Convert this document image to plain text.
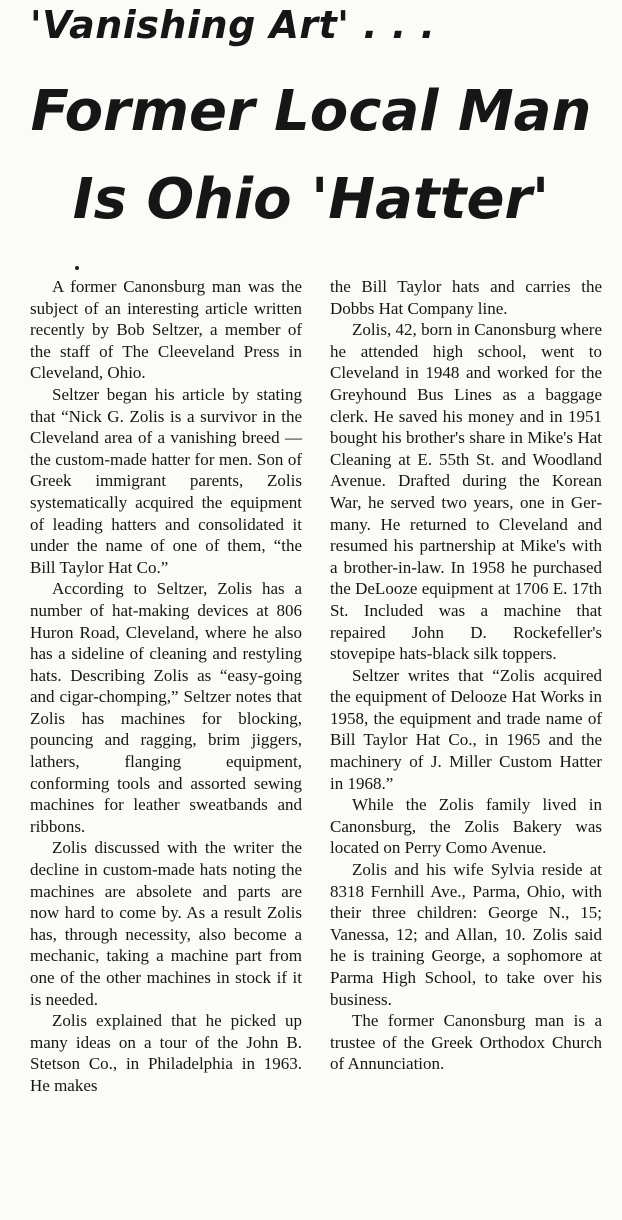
'Vanishing Art' . . .
Former Local Man
Is Ohio 'Hatter'

A former Canonsburg man was the subject of an interesting article written recently by Bob Seltzer, a member of the staff of The Cleeveland Press in Cleveland, Ohio.

Seltzer began his article by stating that “Nick G. Zolis is a survivor in the Cleveland area of a vanishing breed — the custom-made hatter for men. Son of Greek immigrant parents, Zolis systematically acquired the equipment of leading hatters and consolidated it under the name of one of them, “the Bill Taylor Hat Co.”

According to Seltzer, Zolis has a number of hat-making devices at 806 Huron Road, Cleveland, where he also has a sideline of cleaning and restyling hats. Describing Zolis as “easy-going and cigar-chomping,” Seltzer notes that Zolis has machines for blocking, pouncing and ragging, brim jiggers, lathers, flanging equipment, conforming tools and assorted sewing machines for leather sweatbands and ribbons.

Zolis discussed with the writer the decline in custom-made hats noting the machines are absolete and parts are now hard to come by. As a result Zolis has, through necessity, also become a mechanic, taking a machine part from one of the other machines in stock if it is needed.

Zolis explained that he picked up many ideas on a tour of the John B. Stetson Co., in Philadelphia in 1963. He makes

the Bill Taylor hats and carries the Dobbs Hat Company line.

Zolis, 42, born in Canonsburg where he attended high school, went to Cleveland in 1948 and worked for the Greyhound Bus Lines as a baggage clerk. He saved his money and in 1951 bought his brother's share in Mike's Hat Cleaning at E. 55th St. and Woodland Avenue. Drafted during the Korean War, he served two years, one in Germany. He returned to Cleveland and resumed his partnership at Mike's with a brother-in-law. In 1958 he purchased the DeLooze equipment at 1706 E. 17th St. Included was a machine that repaired John D. Rockefeller's stovepipe hats-black silk toppers.

Seltzer writes that “Zolis acquired the equipment of Delooze Hat Works in 1958, the equipment and trade name of Bill Taylor Hat Co., in 1965 and the machinery of J. Miller Custom Hatter in 1968.”

While the Zolis family lived in Canonsburg, the Zolis Bakery was located on Perry Como Avenue.

Zolis and his wife Sylvia reside at 8318 Fernhill Ave., Parma, Ohio, with their three children: George N., 15; Vanessa, 12; and Allan, 10. Zolis said he is training George, a sophomore at Parma High School, to take over his business.

The former Canonsburg man is a trustee of the Greek Orthodox Church of Annunciation.
